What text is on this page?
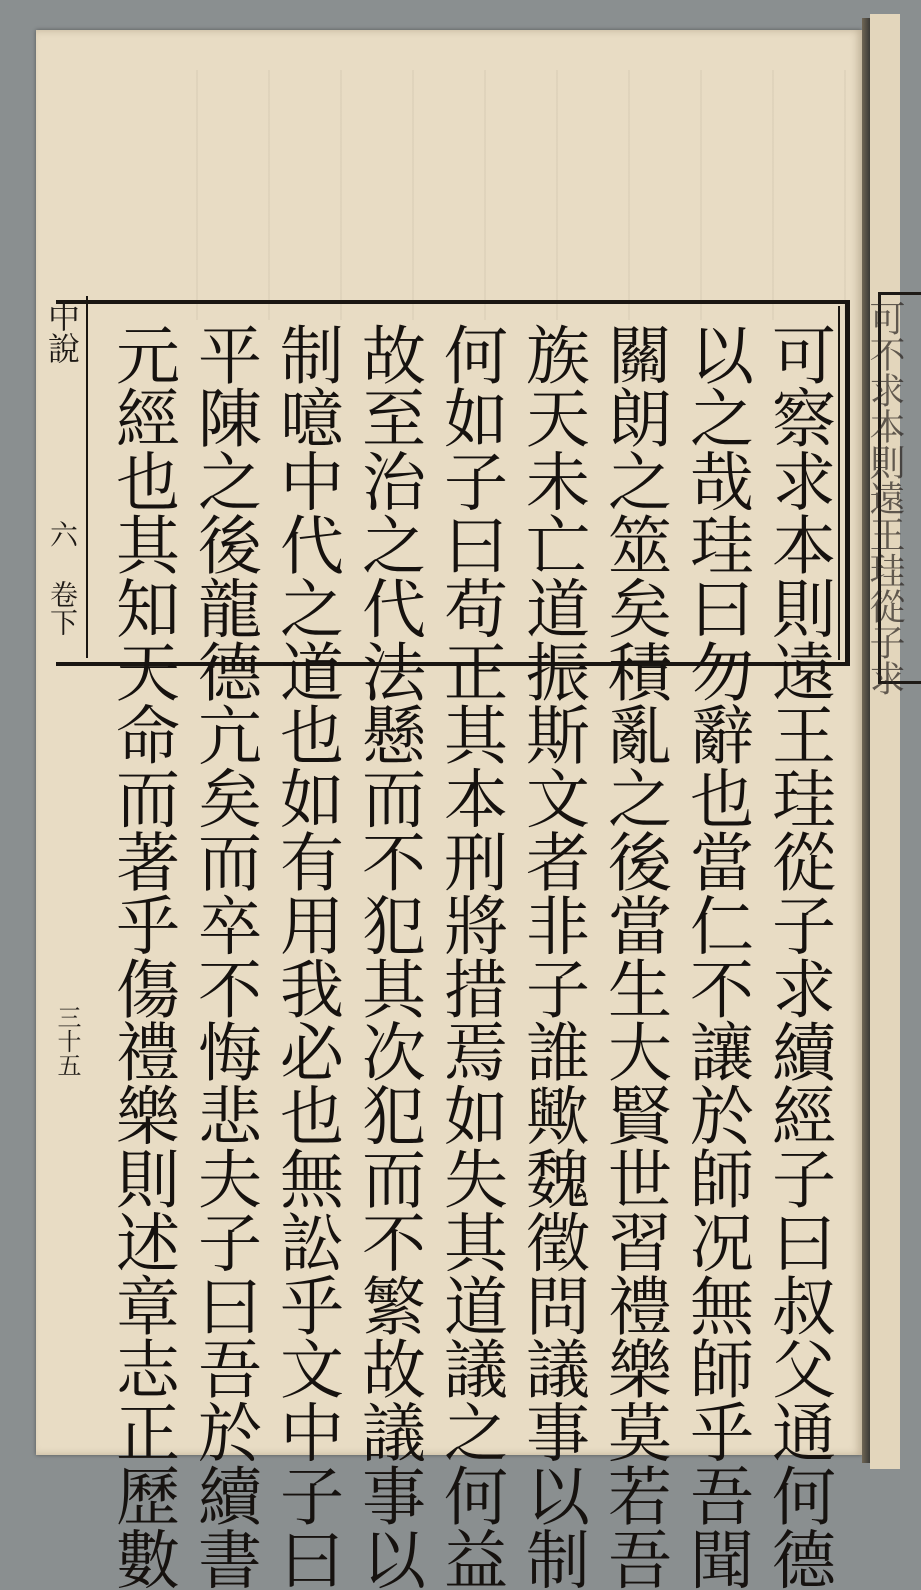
可不求本則遠王珪從子求
中說
六
卷下
三十五	可察求本則遠王珪從子求續經子曰叔父通何德
以之哉珪曰勿辭也當仁不讓於師况無師乎吾聞
關朗之筮矣積亂之後當生大賢世習禮樂莫若吾
族天未亡道振斯文者非子誰歟魏徵問議事以制
何如子曰苟正其本刑將措焉如失其道議之何益
故至治之代法懸而不犯其次犯而不繁故議事以
制噫中代之道也如有用我必也無訟乎文中子曰
平陳之後龍德亢矣而卒不悔悲夫子曰吾於續書
元經也其知天命而著乎傷禮樂則述章志正歷數
